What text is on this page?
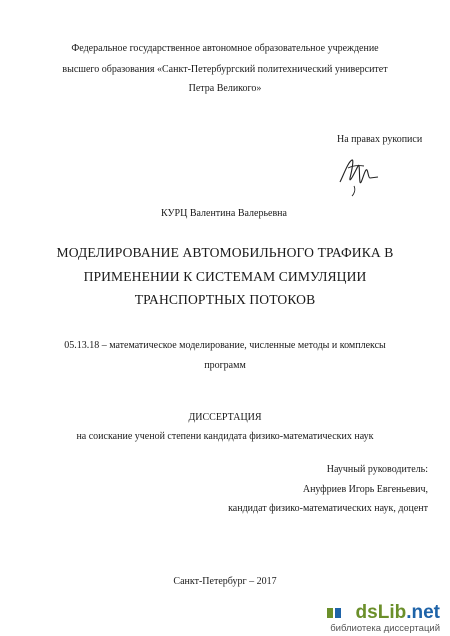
Федеральное государственное автономное образовательное учреждение
высшего образования «Санкт-Петербургский политехнический университет
Петра Великого»
На правах рукописи
КУРЦ Валентина Валерьевна
МОДЕЛИРОВАНИЕ АВТОМОБИЛЬНОГО ТРАФИКА В
ПРИМЕНЕНИИ К СИСТЕМАМ СИМУЛЯЦИИ
ТРАНСПОРТНЫХ ПОТОКОВ
05.13.18 – математическое моделирование, численные методы и комплексы
программ
ДИССЕРТАЦИЯ
на соискание ученой степени кандидата физико-математических наук
Научный руководитель:
Ануфриев Игорь Евгеньевич,
кандидат физико-математических наук, доцент
Санкт-Петербург – 2017
dsLib.net
библиотека диссертаций
